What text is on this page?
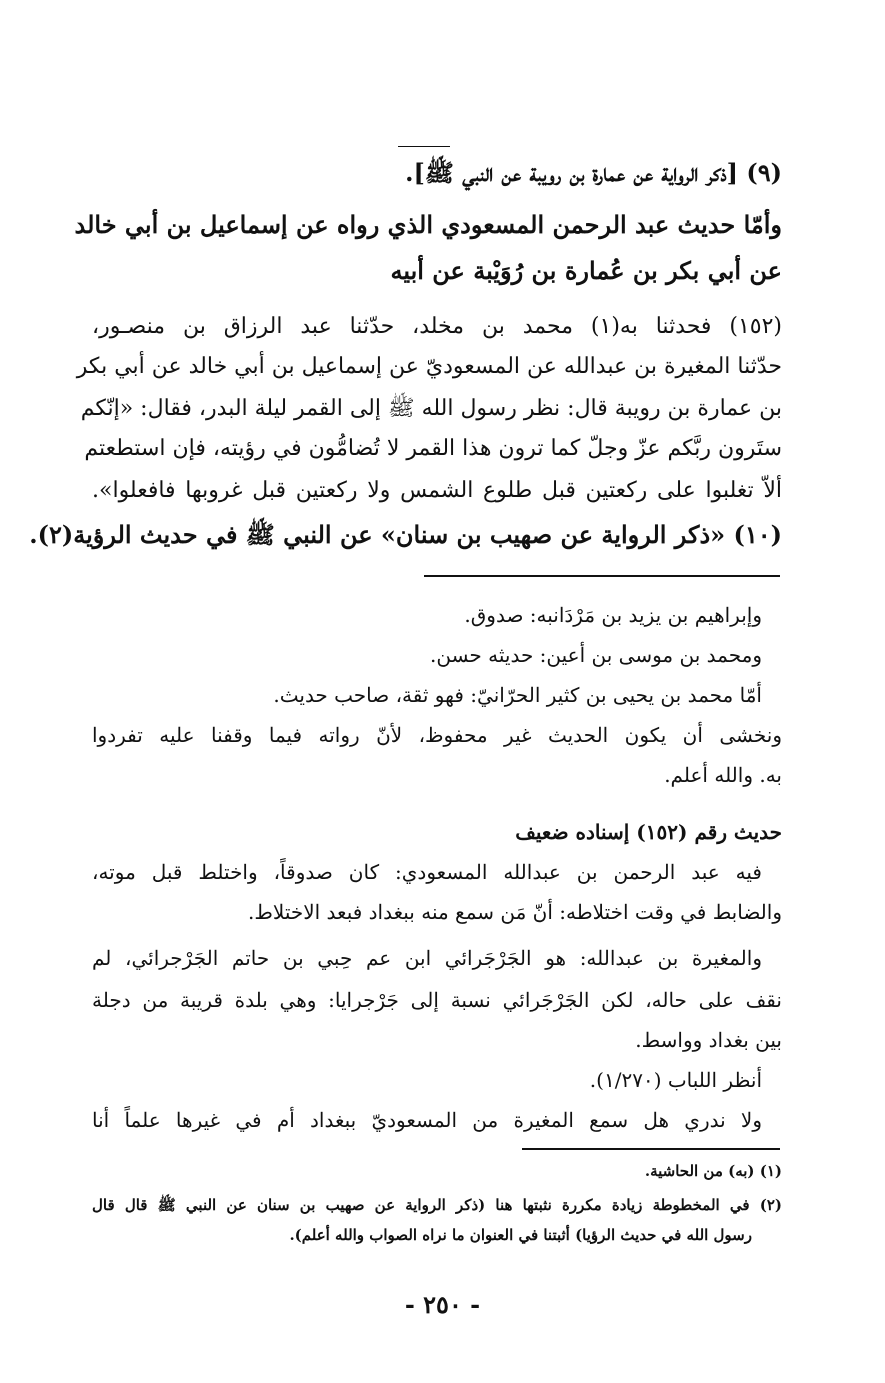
(٩) [ذكر الرواية عن عمارة بن رويبة عن النبي ﷺ].
وأمّا حديث عبد الرحمن المسعودي الذي رواه عن إسماعيل بن أبي خالد
عن أبي بكر بن عُمارة بن رُوَيْبة عن أبيه
(١٥٢) فحدثنا به(١) محمد بن مخلد، حدّثنا عبد الرزاق بن منصـور،
حدّثنا المغيرة بن عبدالله عن المسعوديّ عن إسماعيل بن أبي خالد عن أبي بكر
بن عمارة بن رويبة قال: نظر رسول الله ﷺ إلى القمر ليلة البدر، فقال: «إنّكم
ستَرون ربَّكم عزّ وجلّ كما ترون هذا القمر لا تُضامُّون في رؤيته، فإن استطعتم
ألاّ تغلبوا على ركعتين قبل طلوع الشمس ولا ركعتين قبل غروبها فافعلوا».
(١٠) «ذكر الرواية عن صهيب بن سنان» عن النبي ﷺ في حديث الرؤية(٢).
وإبراهيم بن يزيد بن مَرْدَانبه: صدوق.
ومحمد بن موسى بن أعين: حديثه حسن.
أمّا محمد بن يحيى بن كثير الحرّانيّ: فهو ثقة، صاحب حديث.
ونخشى أن يكون الحديث غير محفوظ، لأنّ رواته فيما وقفنا عليه تفردوا
به. والله أعلم.
حديث رقم (١٥٢) إسناده ضعيف
فيه عبد الرحمن بن عبدالله المسعودي: كان صدوقاً، واختلط قبل موته،
والضابط في وقت اختلاطه: أنّ مَن سمع منه ببغداد فبعد الاختلاط.
والمغيرة بن عبدالله: هو الجَرْجَرائي ابن عم حِبي بن حاتم الجَرْجرائي، لم
نقف على حاله، لكن الجَرْجَرائي نسبة إلى جَرْجرايا: وهي بلدة قريبة من دجلة
بين بغداد وواسط.
أنظر اللباب (١/٢٧٠).
ولا ندري هل سمع المغيرة من المسعوديّ ببغداد أم في غيرها علماً أنا
(١) (به) من الحاشية.
(٢) في المخطوطة زيادة مكررة نثبتها هنا (ذكر الرواية عن صهيب بن سنان عن النبي ﷺ قال قال
رسول الله في حديث الرؤيا) أثبتنا في العنوان ما نراه الصواب والله أعلم).
- ٢٥٠ -
